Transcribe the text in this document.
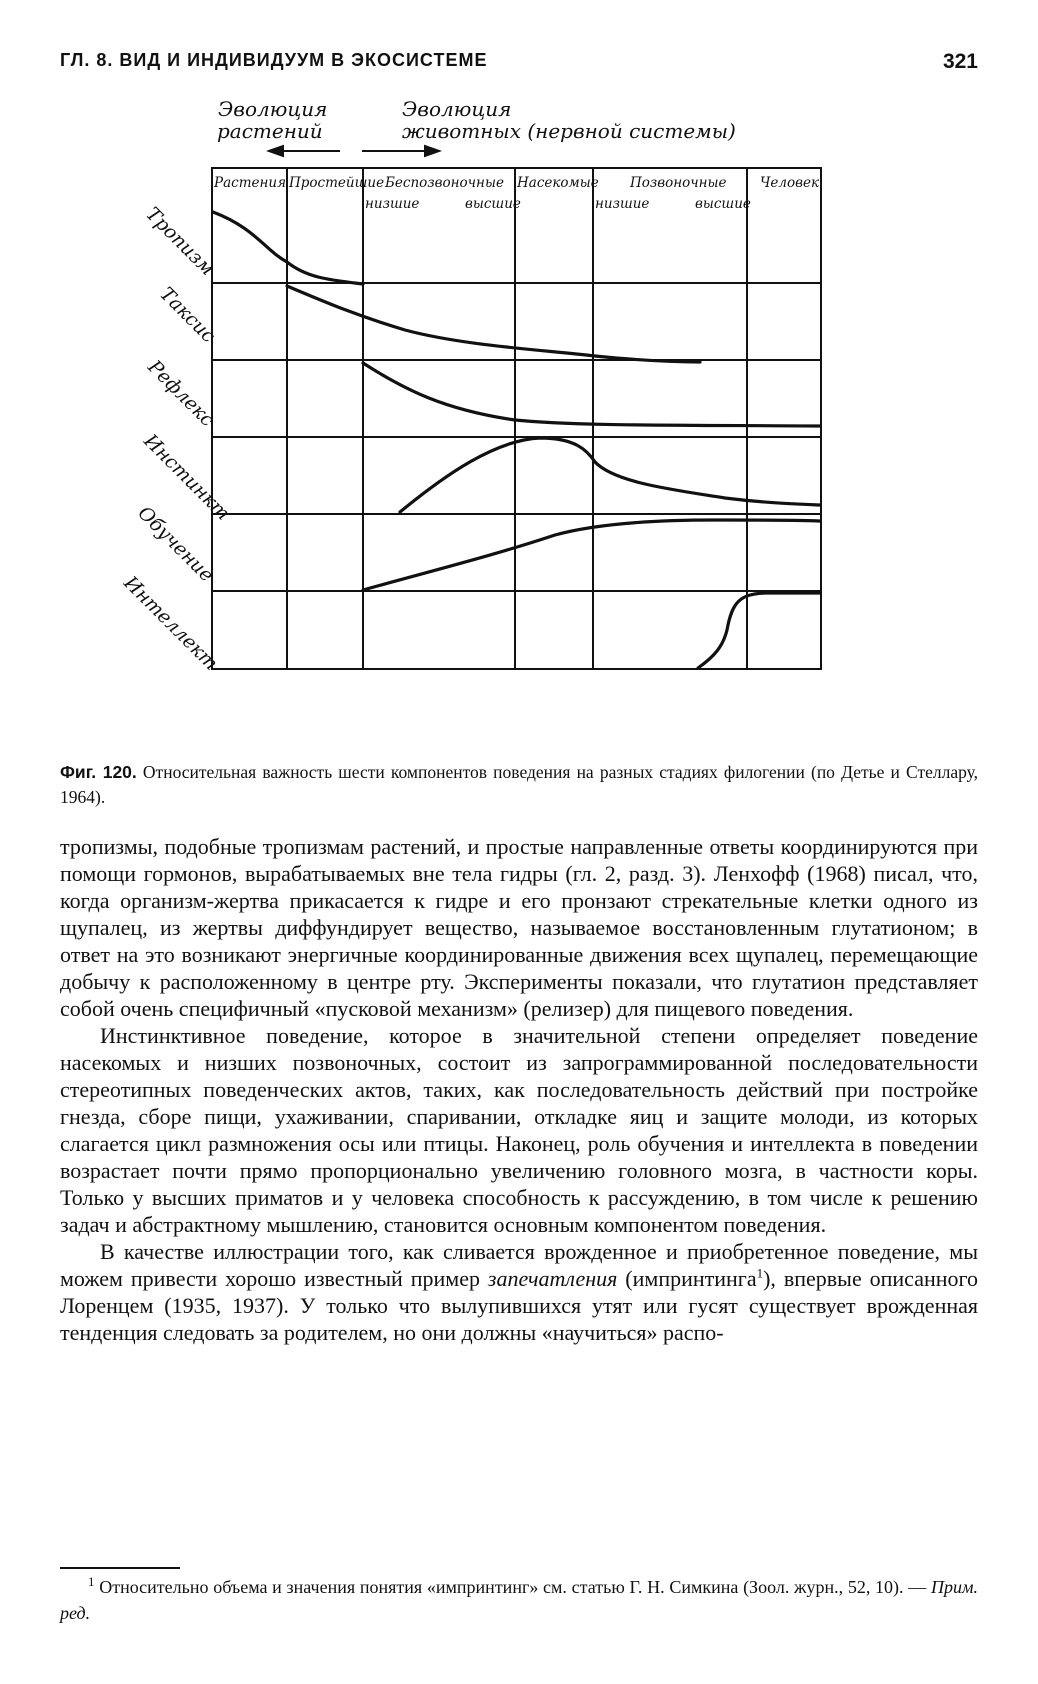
ГЛ. 8. ВИД И ИНДИВИДУУМ В ЭКОСИСТЕМЕ	321
Эволюция
растений
Эволюция
животных (нервной системы)
Растения Простейшие Беспозвоночные
низшие	высшие
Насекомые Позвоночные
низшие	высшие
Человек
Тропизм
Таксис
Рефлекс
Инстинкт
Обучение
Интеллект
Фиг. 120. Относительная важность шести компонентов поведения на разных стадиях филогении (по Детье и Стеллару, 1964).

тропизмы, подобные тропизмам растений, и простые направленные ответы координируются при помощи гормонов, вырабатываемых вне тела гидры (гл. 2, разд. 3). Ленхофф (1968) писал, что, когда организм-жертва прикасается к гидре и его пронзают стрекательные клетки одного из щупалец, из жертвы диффундирует вещество, называемое восстановленным глутатионом; в ответ на это возникают энергичные координированные движения всех щупалец, перемещающие добычу к расположенному в центре рту. Эксперименты показали, что глутатион представляет собой очень специфичный «пусковой механизм» (релизер) для пищевого поведения.

Инстинктивное поведение, которое в значительной степени определяет поведение насекомых и низших позвоночных, состоит из запрограммированной последовательности стереотипных поведенческих актов, таких, как последовательность действий при постройке гнезда, сборе пищи, ухаживании, спаривании, откладке яиц и защите молоди, из которых слагается цикл размножения осы или птицы. Наконец, роль обучения и интеллекта в поведении возрастает почти прямо пропорционально увеличению головного мозга, в частности коры. Только у высших приматов и у человека способность к рассуждению, в том числе к решению задач и абстрактному мышлению, становится основным компонентом поведения.

В качестве иллюстрации того, как сливается врожденное и приобретенное поведение, мы можем привести хорошо известный пример запечатления (импринтинга$^1$), впервые описанного Лоренцем (1935, 1937). У только что вылупившихся утят или гусят существует врожденная тенденция следовать за родителем, но они должны «научиться» распо-

$^1$ Относительно объема и значения понятия «импринтинг» см. статью Г. Н. Симкина (Зоол. журн., 52, 10). — Прим. ред.
